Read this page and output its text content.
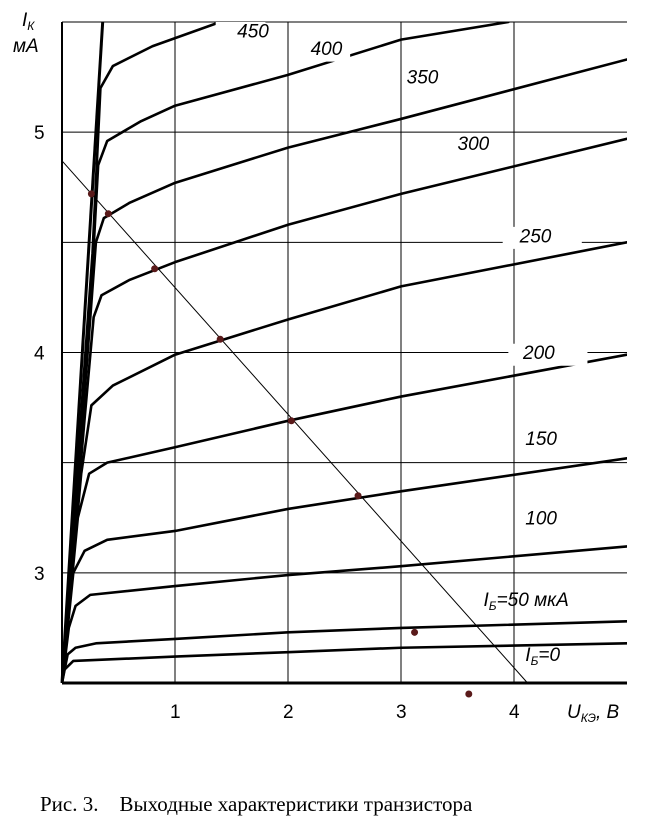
1	2	3	4
3
4
5
$I_К$
мА
$U_{КЭ}$, В
450
400
350
300
250
200
150
100
$I_Б=50$ мкА
$I_Б=0$
Рис. 3.    Выходные характеристики транзистора
